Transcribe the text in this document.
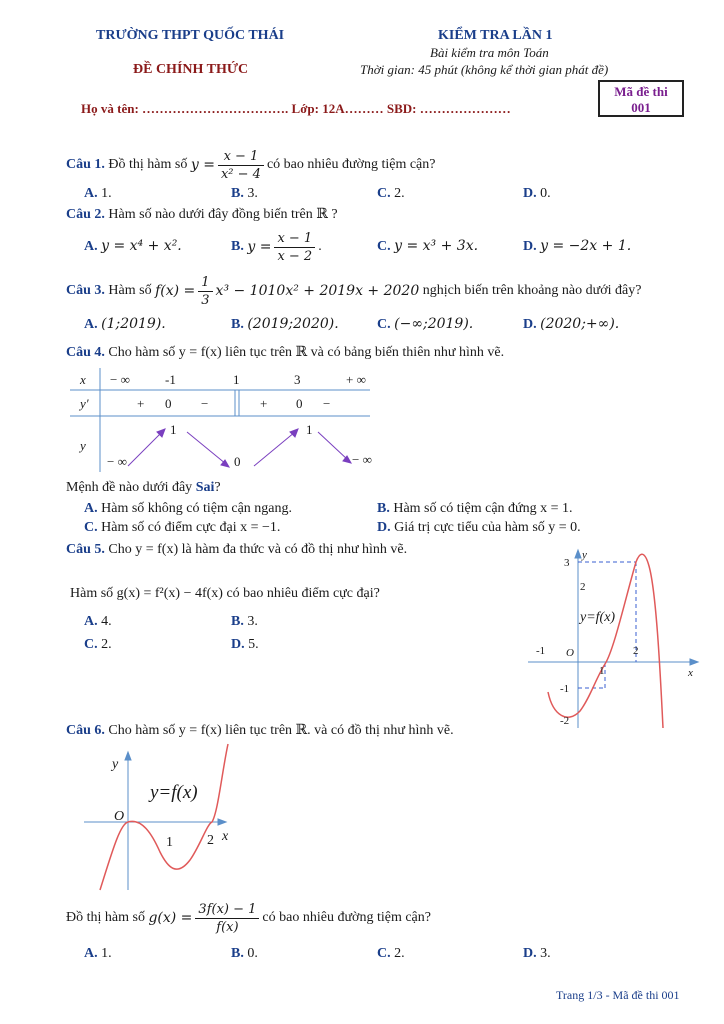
TRƯỜNG THPT QUỐC THÁI
ĐỀ CHÍNH THỨC
KIỂM TRA LẦN 1
Bài kiểm tra môn Toán
Thời gian: 45 phút (không kể thời gian phát đề)
Mã đề thi
001
Họ và tên: ……………………………. Lớp: 12A……… SBD: …………………
Câu 1.
Đồ thị hàm số
$y = \frac{x - 1}{\text{x² − 4}}$ có bao nhiêu đường tiệm cận?
A. 1.	B. 3.	C. 2.	D. 0.
Câu 2. Hàm số nào dưới đây đồng biến trên ℝ ?
A. y = x⁴ + x².	B.
$y = \frac{x - 1}{x - 2}$ .	C. y = x³ + 3x.	D. y = −2x + 1.
Câu 3.
Hàm số
$f(x) = \frac{1}{3} x^3 - 1010x^2 + 2019x + 2020$
nghịch biến trên khoảng nào dưới đây?
A. (1;2019).	B. (2019;2020).	C. (−∞;2019).	D. (2020;+∞).
Câu 4. Cho hàm số y = f(x) liên tục trên ℝ và có bảng biến thiên như hình vẽ.
x − ∞	-1	1	3	+ ∞
y′	+ 0 −	+ 0 −
y
1	1
− ∞	0	− ∞
Mệnh đề nào dưới đây Sai?
A. Hàm số không có tiệm cận ngang.	B. Hàm số có tiệm cận đứng x = 1.
C. Hàm số có điểm cực đại x = −1.	D. Giá trị cực tiểu của hàm số y = 0.
Câu 5. Cho y = f(x) là hàm đa thức và có đồ thị như hình vẽ.
Hàm số g(x) = f²(x) − 4f(x) có bao nhiêu điểm cực đại?
A. 4.	B. 3.
C. 2.	D. 5.
y
x
O
-1
1
2
3
2
-1
-2
y=f(x)
Câu 6. Cho hàm số y = f(x) liên tục trên ℝ. và có đồ thị như hình vẽ.
y
x
O
1 2
y=f(x)
Đồ thị hàm số
$g(x) = \frac{3f(x) - 1}{f(x)}$ có bao nhiêu đường tiệm cận?
A. 1.	B. 0.	C. 2.	D. 3.
Trang 1/3 - Mã đề thi 001
